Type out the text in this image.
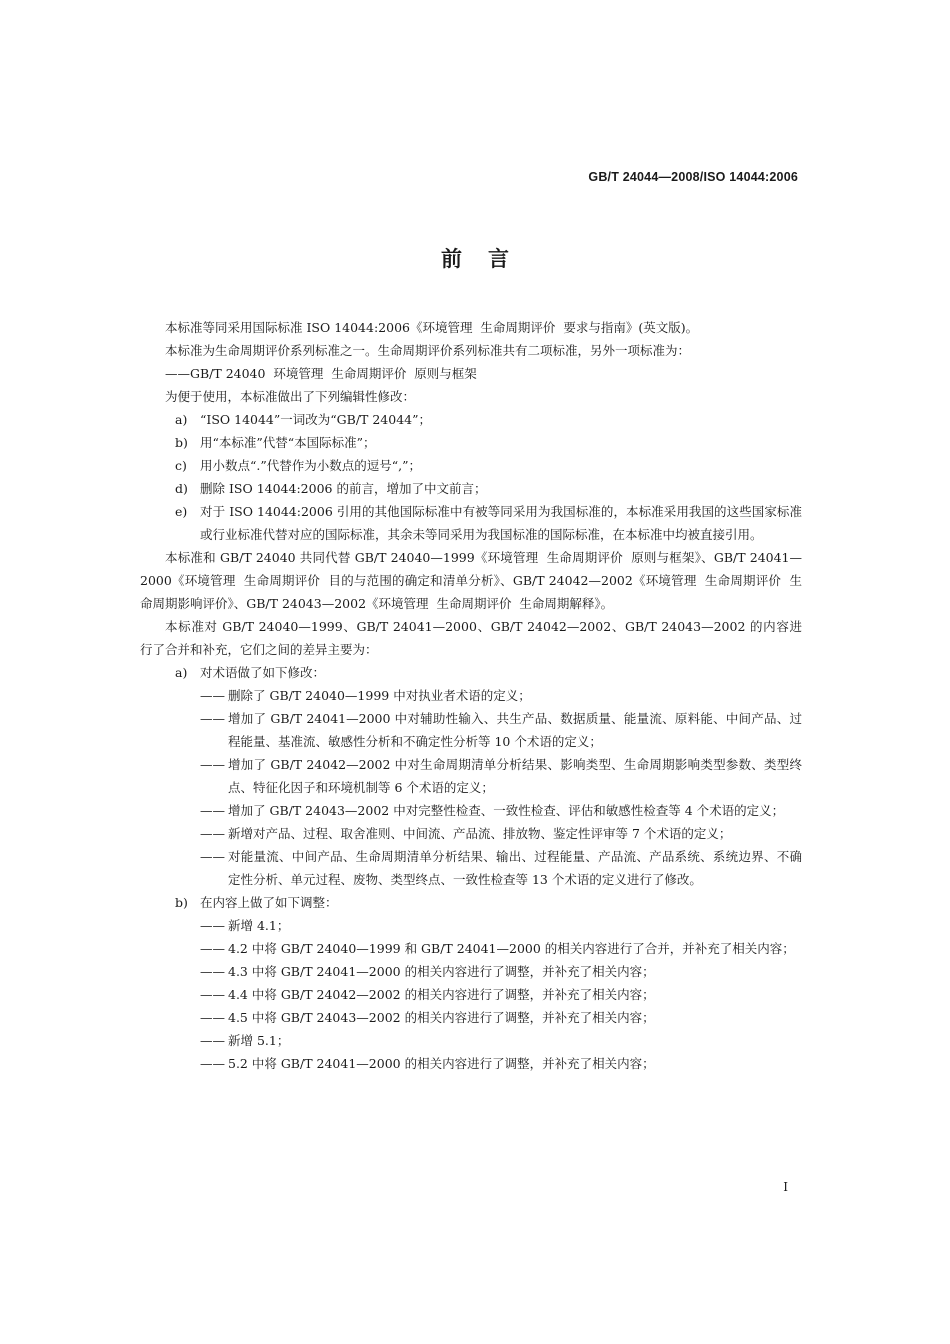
GB/T 24044—2008/ISO 14044:2006
前言

本标准等同采用国际标准 ISO 14044:2006《环境管理  生命周期评价  要求与指南》(英文版)。

本标准为生命周期评价系列标准之一。生命周期评价系列标准共有二项标准，另外一项标准为：

——GB/T 24040  环境管理  生命周期评价  原则与框架

为便于使用，本标准做出了下列编辑性修改：

a)	“ISO 14044”一词改为“GB/T 24044”；
b) 用“本标准”代替“本国际标准”；
c)	用小数点“.”代替作为小数点的逗号“,”；
d) 删除 ISO 14044:2006 的前言，增加了中文前言；
e)	对于 ISO 14044:2006 引用的其他国际标准中有被等同采用为我国标准的，本标准采用我国的这些国家标准或行业标准代替对应的国际标准，其余未等同采用为我国标准的国际标准，在本标准中均被直接引用。

本标准和 GB/T 24040 共同代替 GB/T 24040—1999《环境管理  生命周期评价  原则与框架》、GB/T 24041—2000《环境管理  生命周期评价  目的与范围的确定和清单分析》、GB/T 24042—2002《环境管理  生命周期评价  生命周期影响评价》、GB/T 24043—2002《环境管理  生命周期评价  生命周期解释》。

本标准对 GB/T 24040—1999、GB/T 24041—2000、GB/T 24042—2002、GB/T 24043—2002 的内容进行了合并和补充，它们之间的差异主要为：

a)	对术语做了如下修改：
—— 删除了 GB/T 24040—1999 中对执业者术语的定义；
—— 增加了 GB/T 24041—2000 中对辅助性输入、共生产品、数据质量、能量流、原料能、中间产品、过程能量、基准流、敏感性分析和不确定性分析等 10 个术语的定义；
—— 增加了 GB/T 24042—2002 中对生命周期清单分析结果、影响类型、生命周期影响类型参数、类型终点、特征化因子和环境机制等 6 个术语的定义；
—— 增加了 GB/T 24043—2002 中对完整性检查、一致性检查、评估和敏感性检查等 4 个术语的定义；
—— 新增对产品、过程、取舍准则、中间流、产品流、排放物、鉴定性评审等 7 个术语的定义；
—— 对能量流、中间产品、生命周期清单分析结果、输出、过程能量、产品流、产品系统、系统边界、不确定性分析、单元过程、废物、类型终点、一致性检查等 13 个术语的定义进行了修改。
b) 在内容上做了如下调整：
—— 新增 4.1；
—— 4.2 中将 GB/T 24040—1999 和 GB/T 24041—2000 的相关内容进行了合并，并补充了相关内容；
—— 4.3 中将 GB/T 24041—2000 的相关内容进行了调整，并补充了相关内容；
—— 4.4 中将 GB/T 24042—2002 的相关内容进行了调整，并补充了相关内容；
—— 4.5 中将 GB/T 24043—2002 的相关内容进行了调整，并补充了相关内容；
—— 新增 5.1；
—— 5.2 中将 GB/T 24041—2000 的相关内容进行了调整，并补充了相关内容；
I
